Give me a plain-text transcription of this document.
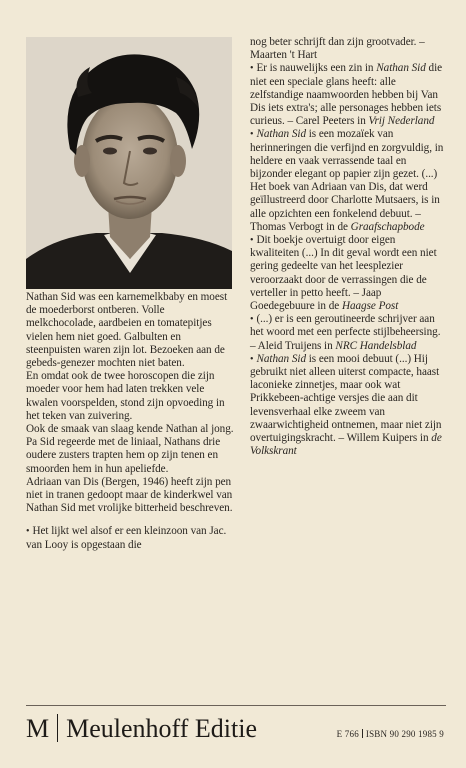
Nathan Sid was een karnemelkbaby en moest de moederborst ontberen. Volle melkchocolade, aardbeien en tomatepitjes vielen hem niet goed. Galbulten en steenpuisten waren zijn lot. Bezoeken aan de gebeds-genezer mochten niet baten.

En omdat ook de twee horoscopen die zijn moeder voor hem had laten trekken vele kwalen voorspelden, stond zijn opvoeding in het teken van zuivering.

Ook de smaak van slaag kende Nathan al jong. Pa Sid regeerde met de liniaal, Nathans drie oudere zusters trapten hem op zijn tenen en smoorden hem in hun apeliefde.

Adriaan van Dis (Bergen, 1946) heeft zijn pen niet in tranen gedoopt maar de kinderkwel van Nathan Sid met vrolijke bitterheid beschreven.

• Het lijkt wel alsof er een kleinzoon van Jac. van Looy is opgestaan die

nog beter schrijft dan zijn grootvader. – Maarten 't Hart

• Er is nauwelijks een zin in Nathan Sid die niet een speciale glans heeft: alle zelfstandige naamwoorden hebben bij Van Dis iets extra's; alle personages hebben iets curieus. – Carel Peeters in Vrij Nederland

• Nathan Sid is een mozaïek van herinneringen die verfijnd en zorgvuldig, in heldere en vaak verrassende taal en bijzonder elegant op papier zijn gezet. (...) Het boek van Adriaan van Dis, dat werd geïllustreerd door Charlotte Mutsaers, is in alle opzichten een fonkelend debuut. – Thomas Verbogt in de Graafschapbode

• Dit boekje overtuigt door eigen kwaliteiten (...) In dit geval wordt een niet gering gedeelte van het leesplezier veroorzaakt door de verrassingen die de verteller in petto heeft. – Jaap Goedegebuure in de Haagse Post

• (...) er is een geroutineerde schrijver aan het woord met een perfecte stijlbeheersing. – Aleid Truijens in NRC Handelsblad

• Nathan Sid is een mooi debuut (...) Hij gebruikt niet alleen uiterst compacte, haast laconieke zinnetjes, maar ook wat Prikkebeen-achtige versjes die aan dit levensverhaal elke zweem van zwaarwichtigheid ontnemen, maar niet zijn overtuigingskracht. – Willem Kuipers in de Volkskrant

M Meulenhoff Editie	E 766 ISBN 90 290 1985 9
